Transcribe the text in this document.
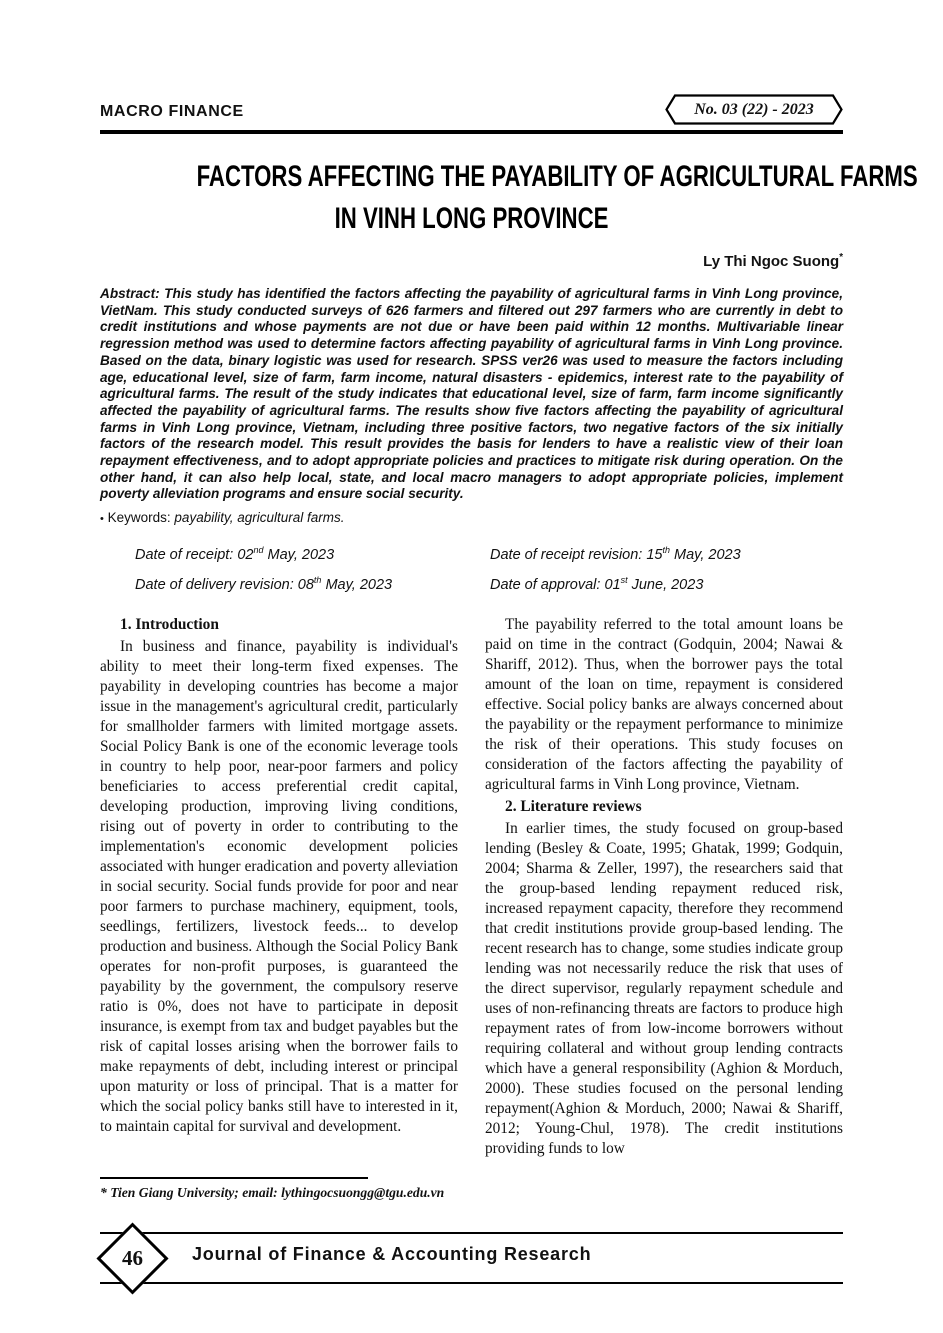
MACRO FINANCE	No. 03 (22) - 2023
FACTORS AFFECTING THE PAYABILITY OF AGRICULTURAL FARMS
IN VINH LONG PROVINCE
Ly Thi Ngoc Suong*

Abstract: This study has identified the factors affecting the payability of agricultural farms in Vinh Long province, VietNam. This study conducted surveys of 626 farmers and filtered out 297 farmers who are currently in debt to credit institutions and whose payments are not due or have been paid within 12 months. Multivariable linear regression method was used to determine factors affecting payability of agricultural farms in Vinh Long province. Based on the data, binary logistic was used for research. SPSS ver26 was used to measure the factors including age, educational level, size of farm, farm income, natural disasters - epidemics, interest rate to the payability of agricultural farms. The result of the study indicates that educational level, size of farm, farm income significantly affected the payability of agricultural farms. The results show five factors affecting the payability of agricultural farms in Vinh Long province, Vietnam, including three positive factors, two negative factors of the six initially factors of the research model. This result provides the basis for lenders to have a realistic view of their loan repayment effectiveness, and to adopt appropriate policies and practices to mitigate risk during operation. On the other hand, it can also help local, state, and local macro managers to adopt appropriate policies, implement poverty alleviation programs and ensure social security.

• Keywords: payability, agricultural farms.

Date of receipt: 02nd May, 2023	Date of receipt revision: 15th May, 2023
Date of delivery revision: 08th May, 2023	Date of approval: 01st June, 2023
1. Introduction

In business and finance, payability is individual's ability to meet their long-term fixed expenses. The payability in developing countries has become a major issue in the management's agricultural credit, particularly for smallholder farmers with limited mortgage assets. Social Policy Bank is one of the economic leverage tools in country to help poor, near-poor farmers and policy beneficiaries to access preferential credit capital, developing production, improving living conditions, rising out of poverty in order to contributing to the implementation's economic development policies associated with hunger eradication and poverty alleviation in social security. Social funds provide for poor and near poor farmers to purchase machinery, equipment, tools, seedlings, fertilizers, livestock feeds... to develop production and business. Although the Social Policy Bank operates for non-profit purposes, is guaranteed the payability by the government, the compulsory reserve ratio is 0%, does not have to participate in deposit insurance, is exempt from tax and budget payables but the risk of capital losses arising when the borrower fails to make repayments of debt, including interest or principal upon maturity or loss of principal. That is a matter for which the social policy banks still have to interested in it, to maintain capital for survival and development.

The payability referred to the total amount loans be paid on time in the contract (Godquin, 2004; Nawai & Shariff, 2012). Thus, when the borrower pays the total amount of the loan on time, repayment is considered effective. Social policy banks are always concerned about the payability or the repayment performance to minimize the risk of their operations. This study focuses on consideration of the factors affecting the payability of agricultural farms in Vinh Long province, Vietnam.

2. Literature reviews

In earlier times, the study focused on group-based lending (Besley & Coate, 1995; Ghatak, 1999; Godquin, 2004; Sharma & Zeller, 1997), the researchers said that the group-based lending repayment reduced risk, increased repayment capacity, therefore they recommend that credit institutions provide group-based lending. The recent research has to change, some studies indicate group lending was not necessarily reduce the risk that uses of the direct supervisor, regularly repayment schedule and uses of non-refinancing threats are factors to produce high repayment rates of from low-income borrowers without requiring collateral and without group lending contracts which have a general responsibility (Aghion & Morduch, 2000). These studies focused on the personal lending repayment(Aghion & Morduch, 2000; Nawai & Shariff, 2012; Young-Chul, 1978). The credit institutions providing funds to low

* Tien Giang University; email: lythingocsuongg@tgu.edu.vn
46	Journal of Finance & Accounting Research
